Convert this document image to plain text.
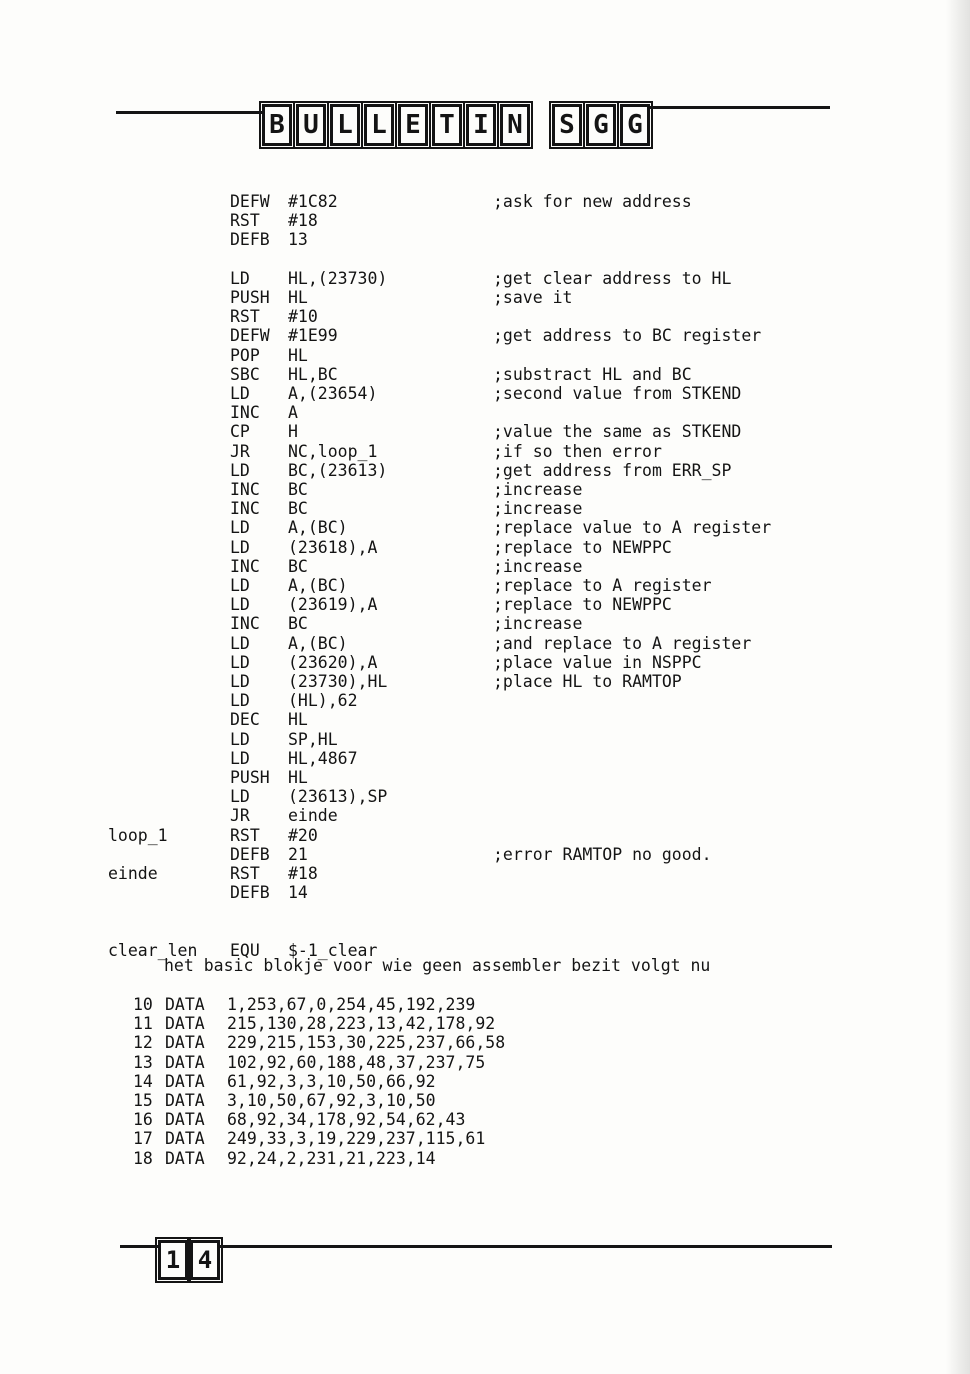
B U L L E T I N S G G
DEFW #1C82	;ask for new address
RST #18
DEFB 13
LD HL,(23730)	;get clear address to HL
PUSH HL	;save it
RST #10
DEFW #1E99	;get address to BC register
POP HL
SBC HL,BC	;substract HL and BC
LD A,(23654)	;second value from STKEND
INC A
CP H	;value the same as STKEND
JR NC,loop_1	;if so then error
LD BC,(23613)	;get address from ERR_SP
INC BC	;increase
INC BC	;increase
LD A,(BC)	;replace value to A register
LD (23618),A	;replace to NEWPPC
INC BC	;increase
LD A,(BC)	;replace to A register
LD (23619),A	;replace to NEWPPC
INC BC	;increase
LD A,(BC)	;and replace to A register
LD (23620),A	;place value in NSPPC
LD (23730),HL	;place HL to RAMTOP
LD (HL),62
DEC HL
LD SP,HL
LD HL,4867
PUSH HL
LD (23613),SP
JR einde
loop_1	RST #20
DEFB 21	;error RAMTOP no good.
einde	RST #18
DEFB 14
clear_len EQU $-1_clear
het basic blokje voor wie geen assembler bezit volgt nu
10 DATA 1,253,67,0,254,45,192,239
11 DATA 215,130,28,223,13,42,178,92
12 DATA 229,215,153,30,225,237,66,58
13 DATA 102,92,60,188,48,37,237,75
14 DATA 61,92,3,3,10,50,66,92
15 DATA 3,10,50,67,92,3,10,50
16 DATA 68,92,34,178,92,54,62,43
17 DATA 249,33,3,19,229,237,115,61
18 DATA 92,24,2,231,21,223,14
1 4
